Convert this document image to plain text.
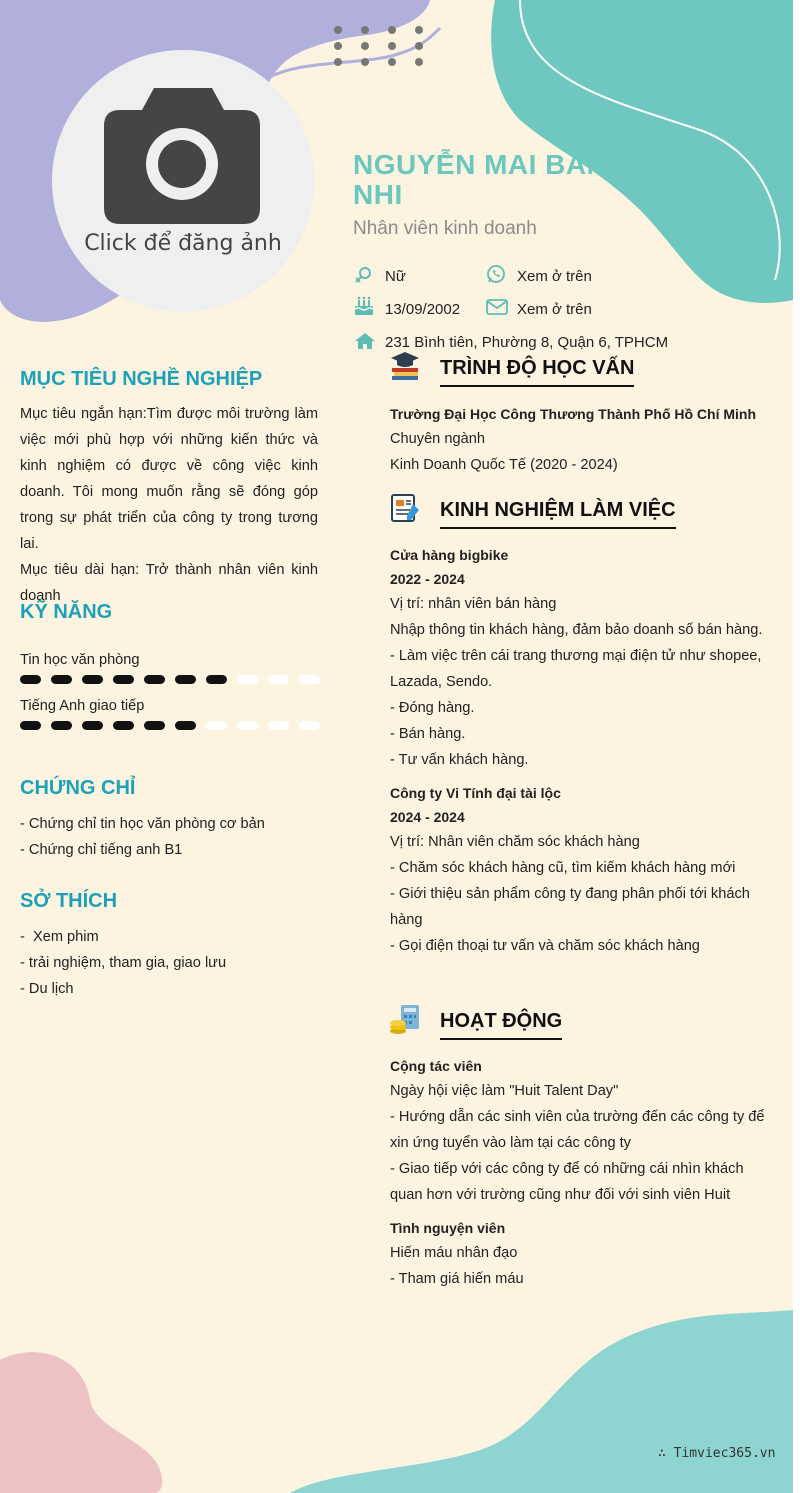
Click để đăng ảnh
NGUYỄN MAI BĂNG NHI
Nhân viên kinh doanh
Nữ	Xem ở trên
13/09/2002	Xem ở trên
231 Bình tiên, Phường 8, Quận 6, TPHCM
MỤC TIÊU NGHỀ NGHIỆP

Mục tiêu ngắn hạn:Tìm được môi trường làm việc mới phù hợp với những kiến thức và kinh nghiệm có được về công việc kinh doanh. Tôi mong muốn rằng sẽ đóng góp trong sự phát triển của công ty trong tương lai.

Mục tiêu dài hạn: Trở thành nhân viên kinh doanh

KỸ NĂNG
Tin học văn phòng
Tiếng Anh giao tiếp
CHỨNG CHỈ
- Chứng chỉ tin học văn phòng cơ bản
- Chứng chỉ tiếng anh B1
SỞ THÍCH
-  Xem phim
- trải nghiệm, tham gia, giao lưu
- Du lịch
TRÌNH ĐỘ HỌC VẤN

Trường Đại Học Công Thương Thành Phố Hồ Chí Minh

Chuyên ngành

Kinh Doanh Quốc Tế (2020 - 2024)

KINH NGHIỆM LÀM VIỆC

Cửa hàng bigbike

2022 - 2024

Vị trí: nhân viên bán hàng

Nhập thông tin khách hàng, đảm bảo doanh số bán hàng.

- Làm việc trên cái trang thương mại điện tử như shopee, Lazada, Sendo.

- Đóng hàng.

- Bán hàng.

- Tư vấn khách hàng.

Công ty Vi Tính đại tài lộc

2024 - 2024

Vị trí: Nhân viên chăm sóc khách hàng

- Chăm sóc khách hàng cũ, tìm kiếm khách hàng mới

- Giới thiệu sản phẩm công ty đang phân phối tới khách hàng

- Gọi điện thoại tư vấn và chăm sóc khách hàng

HOẠT ĐỘNG

Cộng tác viên

Ngày hội việc làm "Huit Talent Day"

- Hướng dẫn các sinh viên của trường đến các công ty để xin ứng tuyển vào làm tại các công ty

- Giao tiếp với các công ty để có những cái nhìn khách quan hơn với trường cũng như đối với sinh viên Huit

Tình nguyện viên

Hiến máu nhân đạo

- Tham giá hiến máu

∴ Timviec365.vn
